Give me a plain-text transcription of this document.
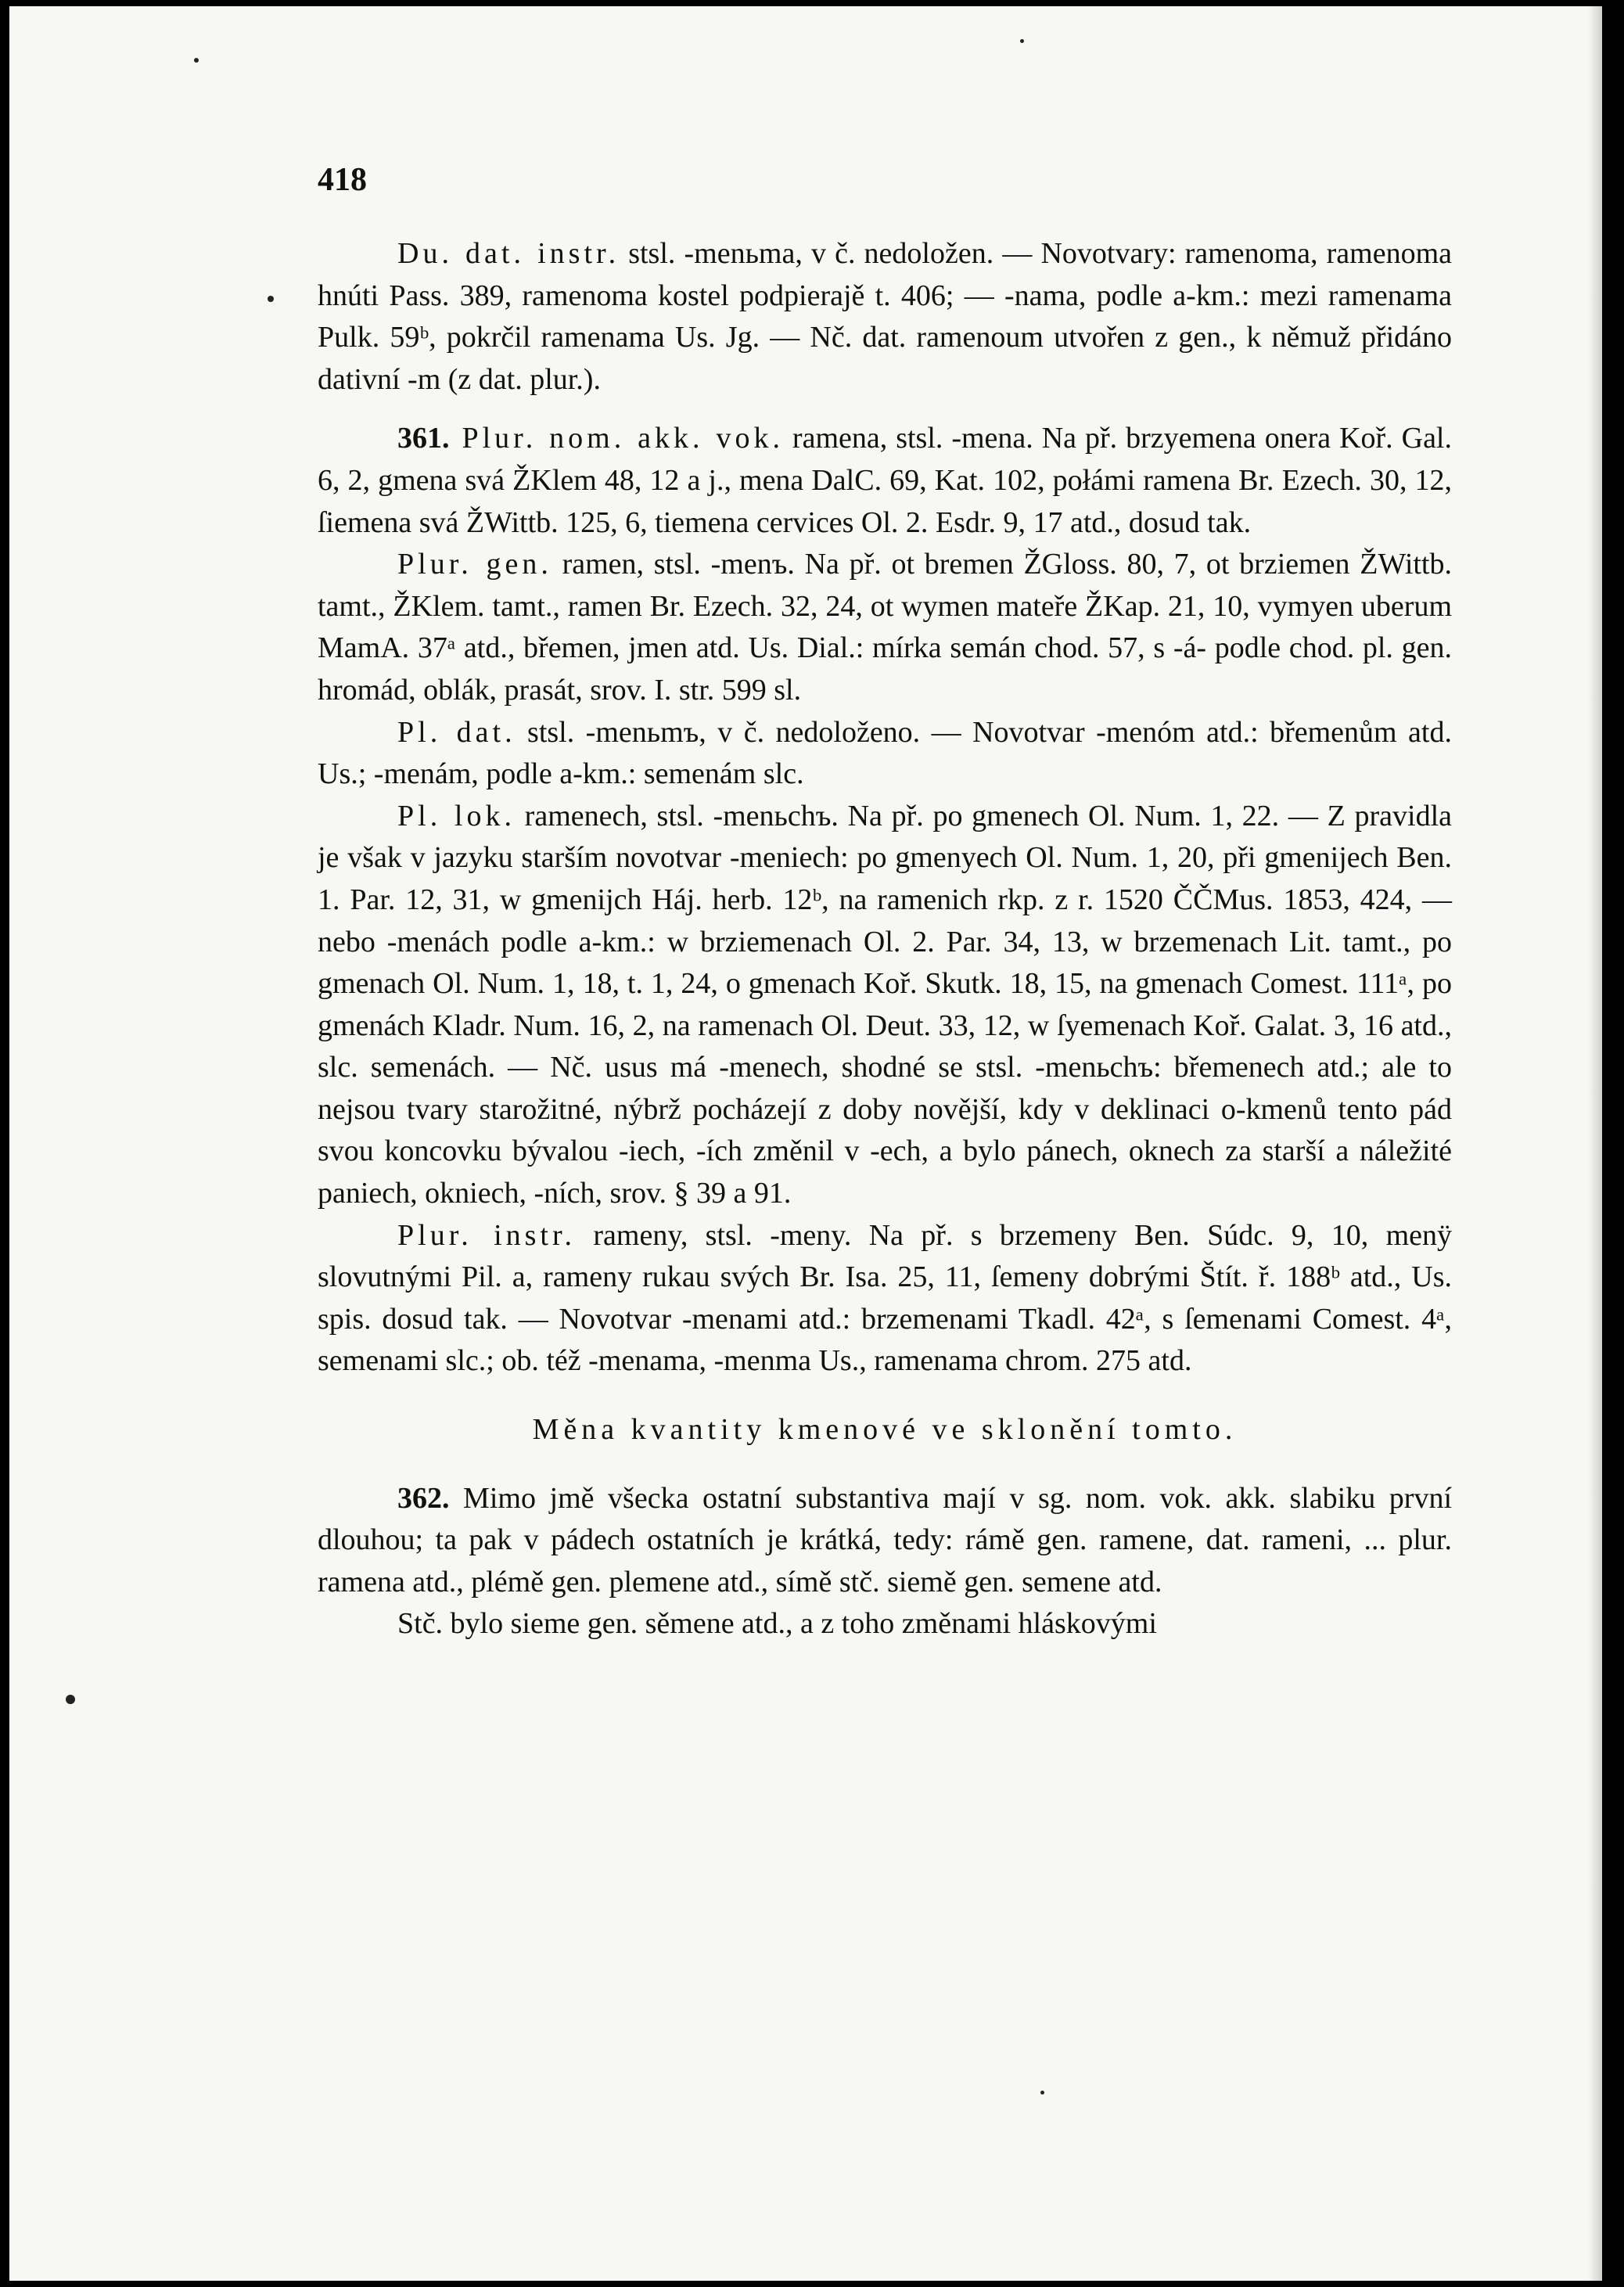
418

Du. dat. instr. stsl. -menьma, v č. nedoložen. — Novotvary: ramenoma, ramenoma hnúti Pass. 389, ramenoma kostel podpierajě t. 406; — -nama, podle a-km.: mezi ramenama Pulk. 59ᵇ, pokrčil ramenama Us. Jg. — Nč. dat. ramenoum utvořen z gen., k němuž přidáno dativní -m (z dat. plur.).

361. Plur. nom. akk. vok. ramena, stsl. -mena. Na př. brzyemena onera Koř. Gal. 6, 2, gmena svá ŽKlem 48, 12 a j., mena DalC. 69, Kat. 102, połámi ramena Br. Ezech. 30, 12, ſiemena svá ŽWittb. 125, 6, tiemena cervices Ol. 2. Esdr. 9, 17 atd., dosud tak.

Plur. gen. ramen, stsl. -menъ. Na př. ot bremen ŽGloss. 80, 7, ot brziemen ŽWittb. tamt., ŽKlem. tamt., ramen Br. Ezech. 32, 24, ot wymen mateře ŽKap. 21, 10, vymyen uberum MamA. 37ᵃ atd., břemen, jmen atd. Us. Dial.: mírka semán chod. 57, s -á- podle chod. pl. gen. hromád, oblák, prasát, srov. I. str. 599 sl.

Pl. dat. stsl. -menьmъ, v č. nedoloženo. — Novotvar -menóm atd.: břemenům atd. Us.; -menám, podle a-km.: semenám slc.

Pl. lok. ramenech, stsl. -menьchъ. Na př. po gmenech Ol. Num. 1, 22. — Z pravidla je však v jazyku starším novotvar -meniech: po gmenyech Ol. Num. 1, 20, při gmenijech Ben. 1. Par. 12, 31, w gmenijch Háj. herb. 12ᵇ, na ramenich rkp. z r. 1520 ČČMus. 1853, 424, — nebo -menách podle a-km.: w brziemenach Ol. 2. Par. 34, 13, w brzemenach Lit. tamt., po gmenach Ol. Num. 1, 18, t. 1, 24, o gmenach Koř. Skutk. 18, 15, na gmenach Comest. 111ᵃ, po gmenách Kladr. Num. 16, 2, na ramenach Ol. Deut. 33, 12, w ſyemenach Koř. Galat. 3, 16 atd., slc. semenách. — Nč. usus má -menech, shodné se stsl. -menьchъ: břemenech atd.; ale to nejsou tvary starožitné, nýbrž pocházejí z doby novější, kdy v deklinaci o-kmenů tento pád svou koncovku bývalou -iech, -ích změnil v -ech, a bylo pánech, oknech za starší a náležité paniech, okniech, -ních, srov. § 39 a 91.

Plur. instr. rameny, stsl. -meny. Na př. s brzemeny Ben. Súdc. 9, 10, menÿ slovutnými Pil. a, rameny rukau svých Br. Isa. 25, 11, ſemeny dobrými Štít. ř. 188ᵇ atd., Us. spis. dosud tak. — Novotvar -menami atd.: brzemenami Tkadl. 42ᵃ, s ſemenami Comest. 4ᵃ, semenami slc.; ob. též -menama, -menma Us., ramenama chrom. 275 atd.

Měna kvantity kmenové ve sklonění tomto.

362. Mimo jmě všecka ostatní substantiva mají v sg. nom. vok. akk. slabiku první dlouhou; ta pak v pádech ostatních je krátká, tedy: rámě gen. ramene, dat. rameni, ... plur. ramena atd., plémě gen. plemene atd., símě stč. siemě gen. semene atd.

Stč. bylo sieme gen. sěmene atd., a z toho změnami hláskovými
